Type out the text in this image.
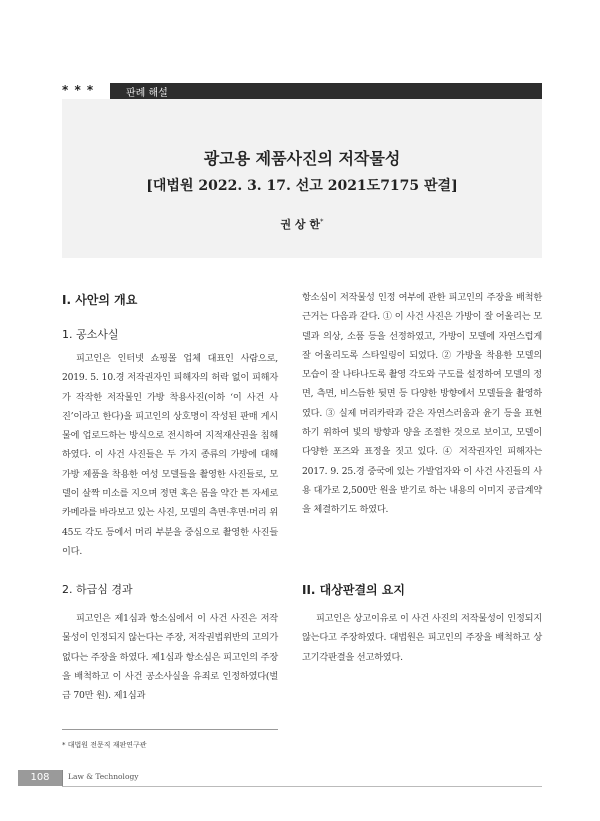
* * *	판례 해설
광고용 제품사진의 저작물성
[대법원 2022. 3. 17. 선고 2021도7175 판결]
권 상 한*
I. 사안의 개요
1. 공소사실
피고인은 인터넷 쇼핑몰 업체 대표인 사람으로, 2019. 5. 10.경 저작권자인 피해자의 허락 없이 피해자가 작작한 저작물인 가방 착용사진(이하 ‘이 사건 사진’이라고 한다)을 피고인의 상호명이 작성된 판매 게시물에 업로드하는 방식으로 전시하여 지적재산권을 침해하였다. 이 사건 사진들은 두 가지 종류의 가방에 대해 가방 제품을 착용한 여성 모델들을 촬영한 사진들로, 모델이 살짝 미소를 지으며 정면 혹은 몸을 약간 튼 자세로 카메라를 바라보고 있는 사진, 모델의 측면·후면·머리 위 45도 각도 등에서 머리 부분을 중심으로 촬영한 사진들이다.
2. 하급심 경과
피고인은 제1심과 항소심에서 이 사건 사진은 저작물성이 인정되지 않는다는 주장, 저작권법위반의 고의가 없다는 주장을 하였다. 제1심과 항소심은 피고인의 주장을 배척하고 이 사건 공소사실을 유죄로 인정하였다(벌금 70만 원). 제1심과
항소심이 저작물성 인정 여부에 관한 피고인의 주장을 배척한 근거는 다음과 같다. ① 이 사건 사진은 가방이 잘 어울리는 모델과 의상, 소품 등을 선정하였고, 가방이 모델에 자연스럽게 잘 어울리도록 스타일링이 되었다. ② 가방을 착용한 모델의 모습이 잘 나타나도록 촬영 각도와 구도를 설정하여 모델의 정면, 측면, 비스듬한 뒷면 등 다양한 방향에서 모델들을 촬영하였다. ③ 실제 머리카락과 같은 자연스러움과 윤기 등을 표현하기 위하여 빛의 방향과 양을 조절한 것으로 보이고, 모델이 다양한 포즈와 표정을 짓고 있다. ④ 저작권자인 피해자는 2017. 9. 25.경 중국에 있는 가발업자와 이 사건 사진들의 사용 대가로 2,500만 원을 받기로 하는 내용의 이미지 공급계약을 체결하기도 하였다.
II. 대상판결의 요지
피고인은 상고이유로 이 사건 사진의 저작물성이 인정되지 않는다고 주장하였다. 대법원은 피고인의 주장을 배척하고 상고기각판결을 선고하였다.
* 대법원 전문직 재판연구관
108	Law & Technology
